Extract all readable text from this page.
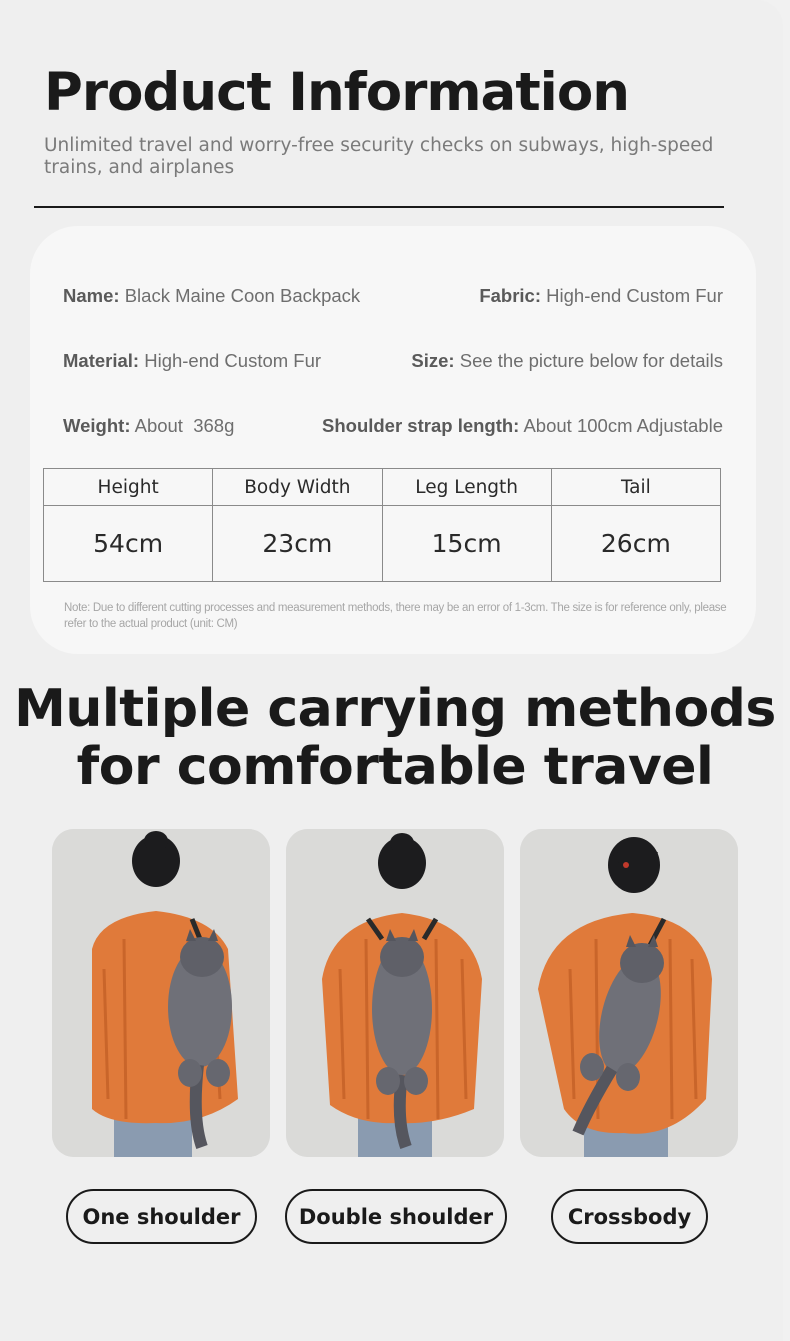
Product Information

Unlimited travel and worry-free security checks on subways, high-speed trains, and airplanes

Name: Black Maine Coon Backpack	Fabric: High-end Custom Fur
Material: High-end Custom Fur	Size: See the picture below for details
Weight: About  368g	Shoulder strap length: About 100cm Adjustable
Height	Body Width	Leg Length	Tail
54cm	23cm	15cm	26cm

Note: Due to different cutting processes and measurement methods, there may be an error of 1-3cm. The size is for reference only, please refer to the actual product (unit: CM)

Multiple carrying methods
for comfortable travel
One shoulder	Double shoulder	Crossbody
